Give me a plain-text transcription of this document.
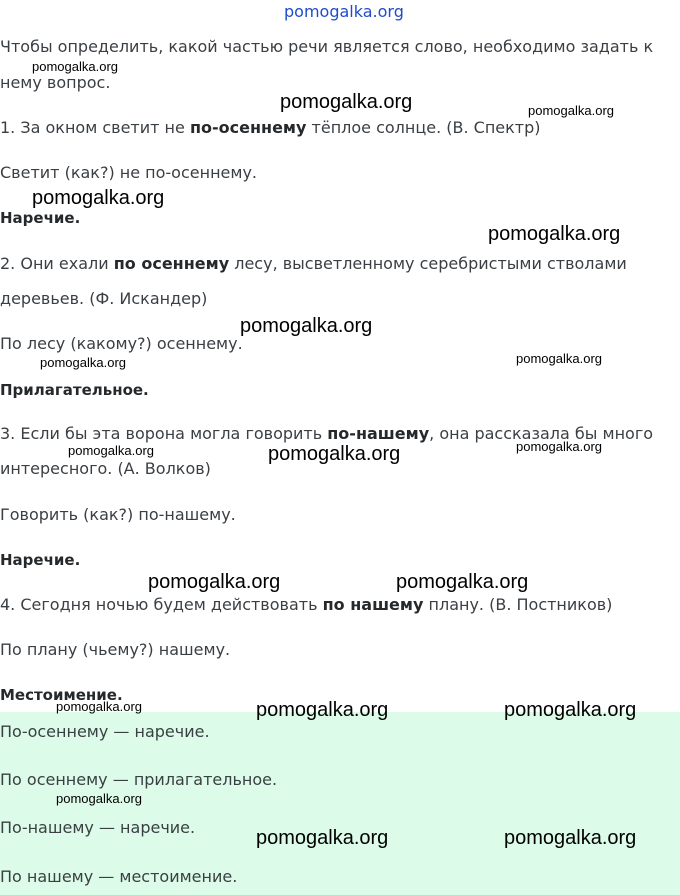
Чтобы определить, какой частью речи является слово, необходимо задать к
нему вопрос.
1. За окном светит не по-осеннему тёплое солнце. (В. Спектр)
Светит (как?) не по-осеннему.
Наречие.
2. Они ехали по осеннему лесу, высветленному серебристыми стволами
деревьев. (Ф. Искандер)
По лесу (какому?) осеннему.
Прилагательное.
3. Если бы эта ворона могла говорить по-нашему, она рассказала бы много
интересного. (А. Волков)
Говорить (как?) по-нашему.
Наречие.
4. Сегодня ночью будем действовать по нашему плану. (В. Постников)
По плану (чьему?) нашему.
Местоимение.
По-осеннему — наречие.
По осеннему — прилагательное.
По-нашему — наречие.
По нашему — местоимение.
pomogalka.org
pomogalka.org
pomogalka.org	pomogalka.org
pomogalka.org
pomogalka.org
pomogalka.org
pomogalka.org	pomogalka.org
pomogalka.org	pomogalka.org	pomogalka.org
pomogalka.org	pomogalka.org
pomogalka.org	pomogalka.org	pomogalka.org
pomogalka.org
pomogalka.org	pomogalka.org
